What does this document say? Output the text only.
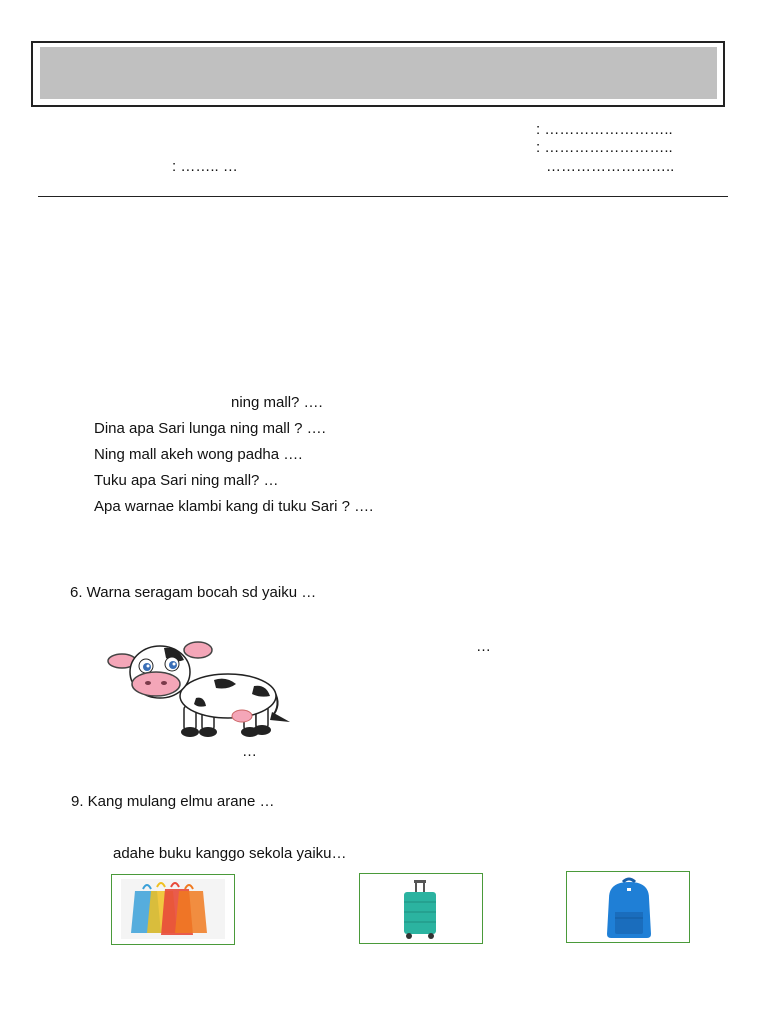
: ……………………..
: ……………………..
……………………..
: …….. …
ning mall? ….
Dina apa Sari lunga ning mall ? ….
Ning mall akeh wong padha ….
Tuku apa Sari ning mall? …
Apa warnae klambi kang di tuku Sari ? ….
6. Warna seragam bocah sd yaiku …
…
…
9. Kang mulang elmu arane …
adahe buku kanggo sekola yaiku…
